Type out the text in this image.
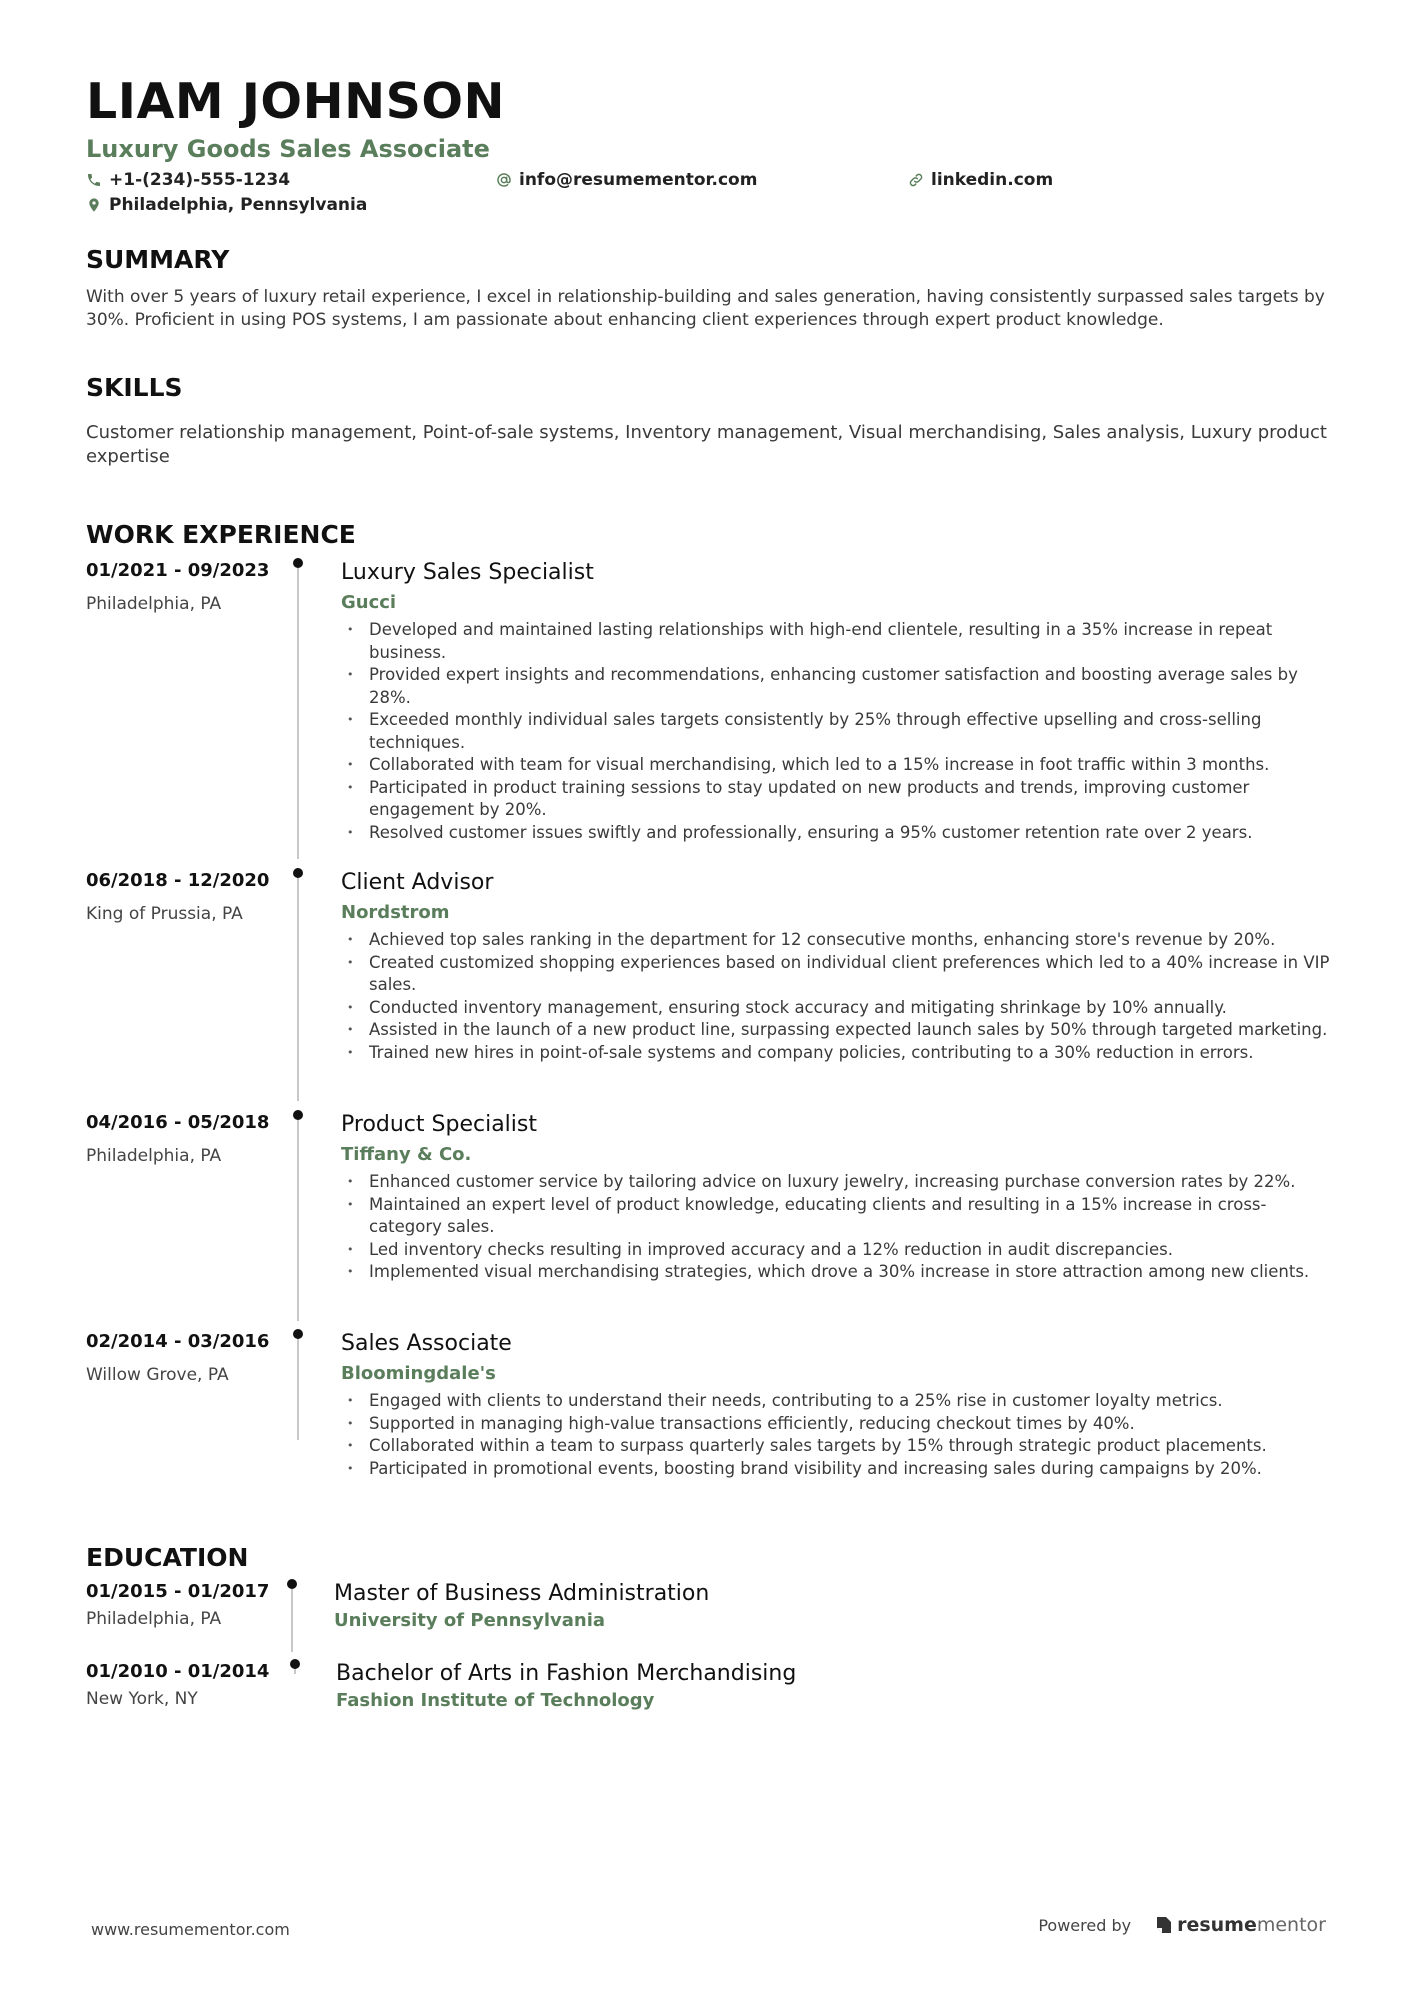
LIAM JOHNSON
Luxury Goods Sales Associate
+1-(234)-555-1234	info@resumementor.com	linkedin.com
Philadelphia, Pennsylvania
SUMMARY
With over 5 years of luxury retail experience, I excel in relationship-building and sales generation, having consistently surpassed sales targets by 30%. Proficient in using POS systems, I am passionate about enhancing client experiences through expert product knowledge.
SKILLS
Customer relationship management, Point-of-sale systems, Inventory management, Visual merchandising, Sales analysis, Luxury product expertise
WORK EXPERIENCE
01/2021 - 09/2023
Philadelphia, PA
Luxury Sales Specialist
Gucci
• Developed and maintained lasting relationships with high-end clientele, resulting in a 35% increase in repeat business.
• Provided expert insights and recommendations, enhancing customer satisfaction and boosting average sales by 28%.
• Exceeded monthly individual sales targets consistently by 25% through effective upselling and cross-selling techniques.
• Collaborated with team for visual merchandising, which led to a 15% increase in foot traffic within 3 months.
• Participated in product training sessions to stay updated on new products and trends, improving customer engagement by 20%.
• Resolved customer issues swiftly and professionally, ensuring a 95% customer retention rate over 2 years.
06/2018 - 12/2020
King of Prussia, PA
Client Advisor
Nordstrom
• Achieved top sales ranking in the department for 12 consecutive months, enhancing store's revenue by 20%.
• Created customized shopping experiences based on individual client preferences which led to a 40% increase in VIP sales.
• Conducted inventory management, ensuring stock accuracy and mitigating shrinkage by 10% annually.
• Assisted in the launch of a new product line, surpassing expected launch sales by 50% through targeted marketing.
• Trained new hires in point-of-sale systems and company policies, contributing to a 30% reduction in errors.
04/2016 - 05/2018
Philadelphia, PA
Product Specialist
Tiffany & Co.
• Enhanced customer service by tailoring advice on luxury jewelry, increasing purchase conversion rates by 22%.
• Maintained an expert level of product knowledge, educating clients and resulting in a 15% increase in cross-category sales.
• Led inventory checks resulting in improved accuracy and a 12% reduction in audit discrepancies.
• Implemented visual merchandising strategies, which drove a 30% increase in store attraction among new clients.
02/2014 - 03/2016
Willow Grove, PA
Sales Associate
Bloomingdale's
• Engaged with clients to understand their needs, contributing to a 25% rise in customer loyalty metrics.
• Supported in managing high-value transactions efficiently, reducing checkout times by 40%.
• Collaborated within a team to surpass quarterly sales targets by 15% through strategic product placements.
• Participated in promotional events, boosting brand visibility and increasing sales during campaigns by 20%.
EDUCATION
01/2015 - 01/2017
Philadelphia, PA
Master of Business Administration
University of Pennsylvania
01/2010 - 01/2014
New York, NY
Bachelor of Arts in Fashion Merchandising
Fashion Institute of Technology
www.resumementor.com	Powered by resume mentor
